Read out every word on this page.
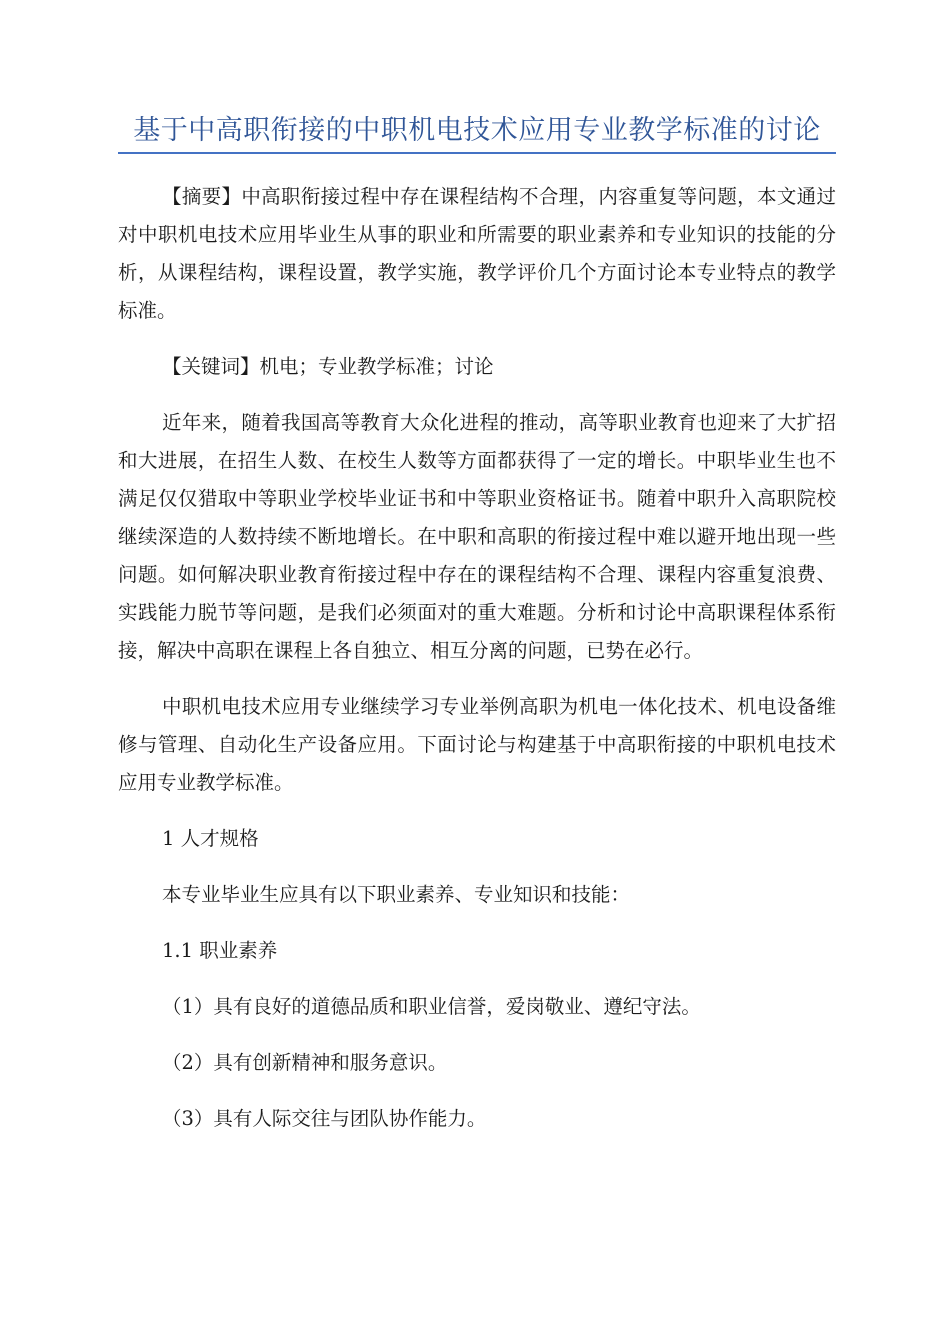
基于中高职衔接的中职机电技术应用专业教学标准的讨论

【摘要】中高职衔接过程中存在课程结构不合理，内容重复等问题，本文通过对中职机电技术应用毕业生从事的职业和所需要的职业素养和专业知识的技能的分析，从课程结构，课程设置，教学实施，教学评价几个方面讨论本专业特点的教学标准。

【关键词】机电；专业教学标准；讨论

近年来，随着我国高等教育大众化进程的推动，高等职业教育也迎来了大扩招和大进展，在招生人数、在校生人数等方面都获得了一定的增长。中职毕业生也不满足仅仅猎取中等职业学校毕业证书和中等职业资格证书。随着中职升入高职院校继续深造的人数持续不断地增长。在中职和高职的衔接过程中难以避开地出现一些问题。如何解决职业教育衔接过程中存在的课程结构不合理、课程内容重复浪费、实践能力脱节等问题，是我们必须面对的重大难题。分析和讨论中高职课程体系衔接，解决中高职在课程上各自独立、相互分离的问题，已势在必行。

中职机电技术应用专业继续学习专业举例高职为机电一体化技术、机电设备维修与管理、自动化生产设备应用。下面讨论与构建基于中高职衔接的中职机电技术应用专业教学标准。

1 人才规格

本专业毕业生应具有以下职业素养、专业知识和技能：

1.1 职业素养

（1）具有良好的道德品质和职业信誉，爱岗敬业、遵纪守法。

（2）具有创新精神和服务意识。

（3）具有人际交往与团队协作能力。
